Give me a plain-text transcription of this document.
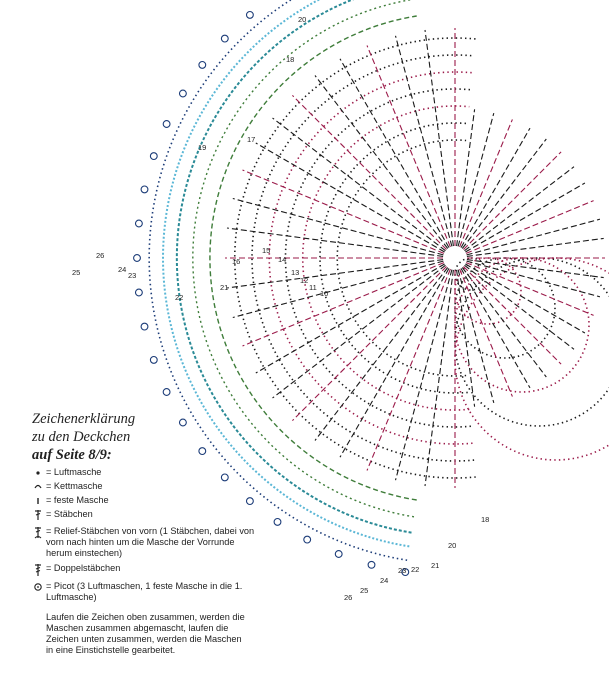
20
18
17
16
15
14
13
12
11
10
19
21
22
23
24
25
26
20
21
22
23
24
25
26
18
Zeichenerklärung
zu den Deckchen
auf Seite 8/9:
= Luftmasche
= Kettmasche
= feste Masche
= Stäbchen
= Relief-Stäbchen von vorn (1 Stäbchen, dabei von vorn nach hinten um die Masche der Vorrunde herum einstechen)
= Doppelstäbchen
= Picot (3 Luftmaschen, 1 feste Masche in die 1. Luftmasche)
Laufen die Zeichen oben zusammen, werden die Maschen zusammen abgemascht, laufen die Zeichen unten zusammen, werden die Maschen in eine Einstichstelle gearbeitet.
